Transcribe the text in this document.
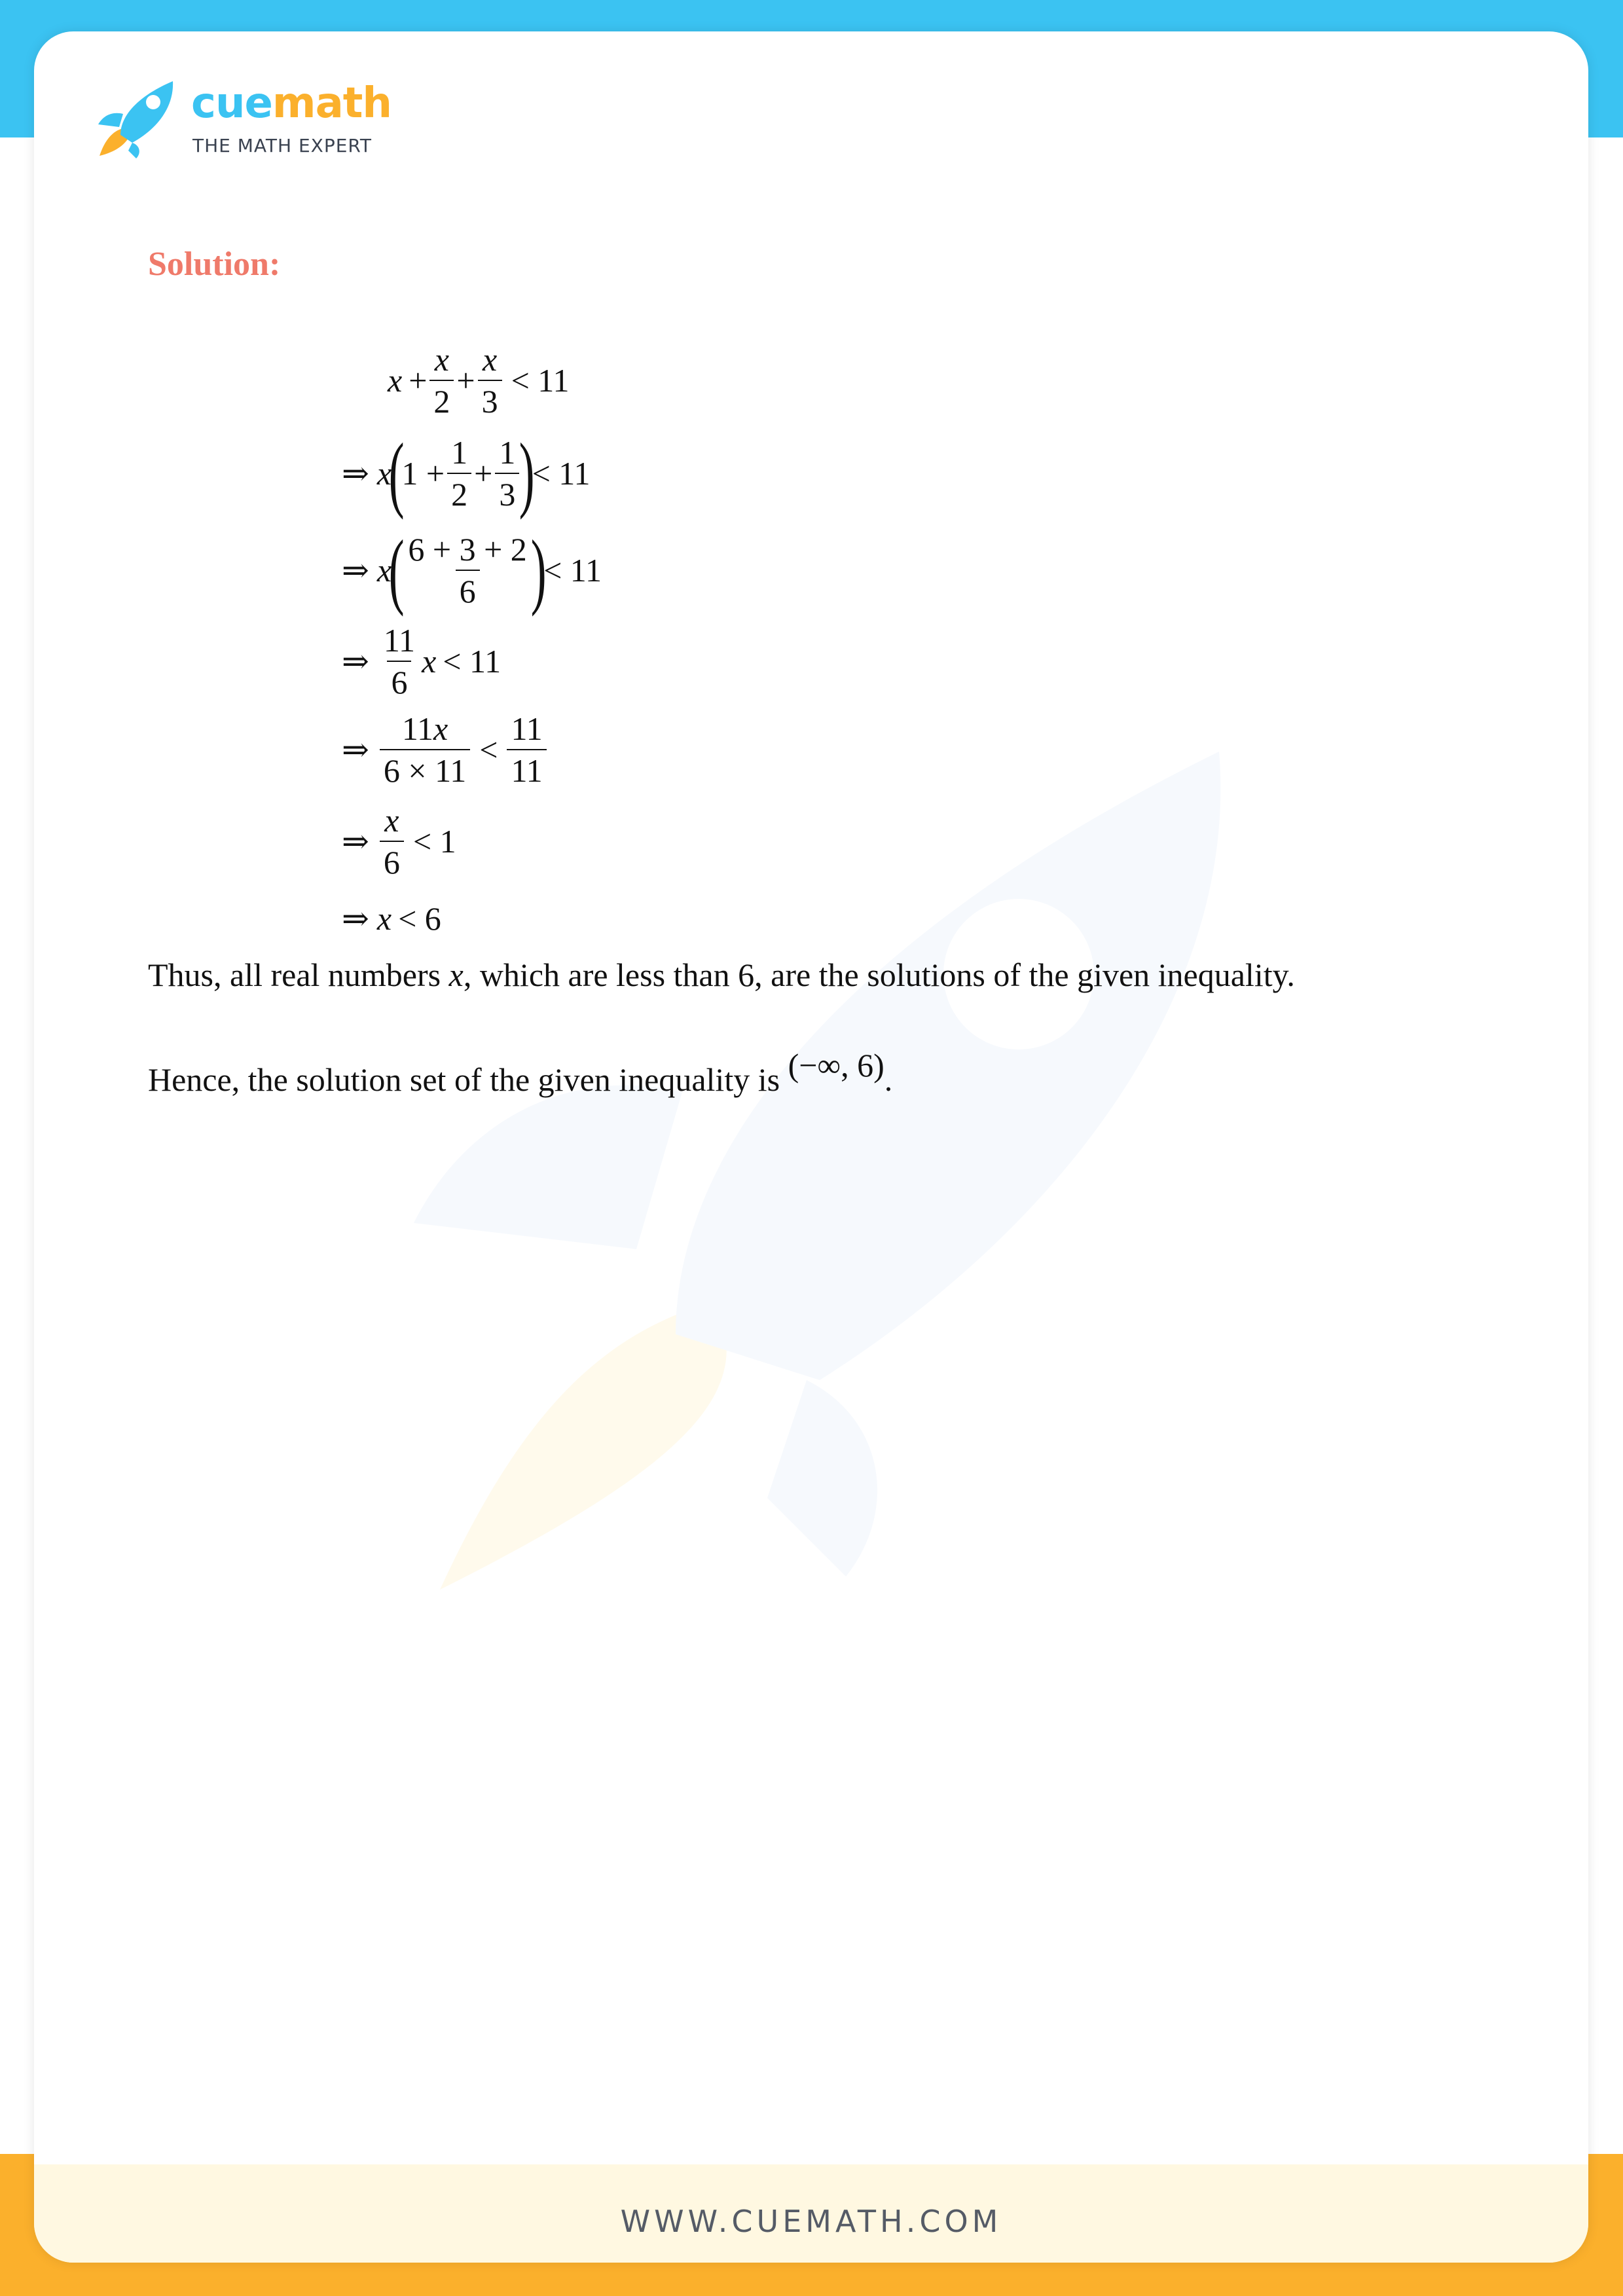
cuemath
THE MATH EXPERT
Solution:
$x + \frac{x}{2} + \frac{x}{3} < 11$
⇒ x
(
$1 + \frac{1}{2} + \frac{1}{3}$ )
< 11
⇒ x
( $\frac{6 + 3 + 2}{6}$ )
< 11
⇒ $\frac{11}{6}$ x < 11
⇒ $\frac{11x}{6 \times 11} < \frac{11}{11}$
⇒ $\frac{x}{6} < 1$
⇒ x < 6
Thus, all real numbers x, which are less than 6, are the solutions of the given inequality.
Hence, the solution set of the given inequality is (−∞, 6).
WWW.CUEMATH.COM
